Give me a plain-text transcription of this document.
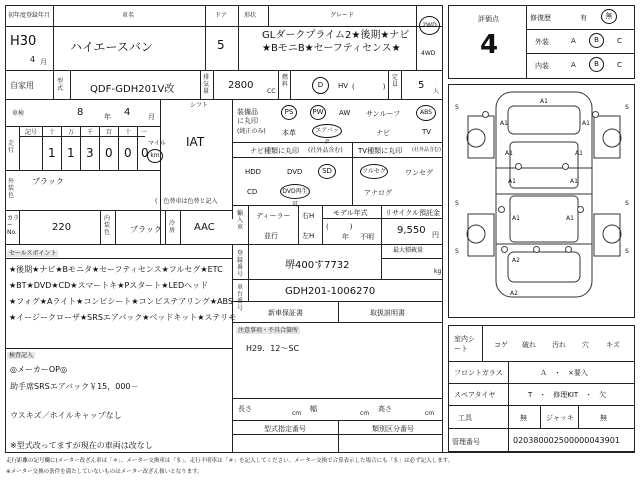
初年度登録年月
H30
4 月
車名
ハイエースバン
ドア
5
形状	グレード
GLダークプライム2★後期★ナビ★BモニB★セーフティセンス★
2WD
4WD
自家用	型式	QDF-GDH201V改
排気量
2800
CC
燃料	D	HV (　　　　)
定員 5
人
車検	8	年 4	月
シフト
IAT
走行
記号 十 万 千 百 十 一
1 1 3 0 0 0
マイル
km
外装色
ブラック
( ) 色替車は色替と記入
カラーNo.	220
内装色 ブラック
冷房 AAC
装備品に丸印
(純正のみ)
PS	PW	AW サンルーフ	ABS
本革	エアバック
ナビ	TV
ナビ種類に丸印 (社外品含む) TV種類に丸印 (社外品含む)
HDD	DVD	SD
CD	DVD再生可
フルセグ	ワンセグ
アナログ
輸入車
ディーラー
並行
右H
左H
モデル年式
(　　　)
年 不明
リサイクル預託金
9,550 円
最大積載量
kg
登録番号
堺400す7732
車台番号
GDH201-1006270
セールスポイント
★後期★ナビ★Bモニタ★セーフティセンス★フルセグ★ETC
★BT★DVD★CD★スマートキ★Pスタート★LEDヘッド
★フォグ★Aライト★コンピシート★コンビステアリング★ABS
★イージークローザ★SRSエアバック★ベッドキット★ステリモ
検査記入
◎メーカーOP◎
助手席SRSエアバック￥15，000－
ウスキズ／ホイルキャップなし
※型式改ってますが現在の車両は改なし
新車保証書	取扱説明書
注意事項・不具合箇所
H29．12～SC
長さ
cm
幅
cm
高さ
cm
型式指定番号	類別区分番号
評価点
4
修復歴	有	無
外装	A	B	C
内装	A	B	C
A1
A1	A1
A1	A1
A1	A1
A1	A1
A2
A2
S	S
S	S
S	S
室内シート	コゲ 破れ 汚れ 穴 キズ
フロントガラス	Ａ　・　×要入
スペアタイヤ	T　・　修理KIT　・　欠
工具	無	ジャッキ	無
管理番号	020380002500000043901
走行距離の記号欄に(メーター改ざん車は「＊」、メーター交換車は「＄」、走行不明車は「＃」を記入してください。メーター交換で合算表示した場合にも「＄」は必ず記入します。
※メーター交換の条件を満たしていないものはメーター改ざん扱いとなります。
